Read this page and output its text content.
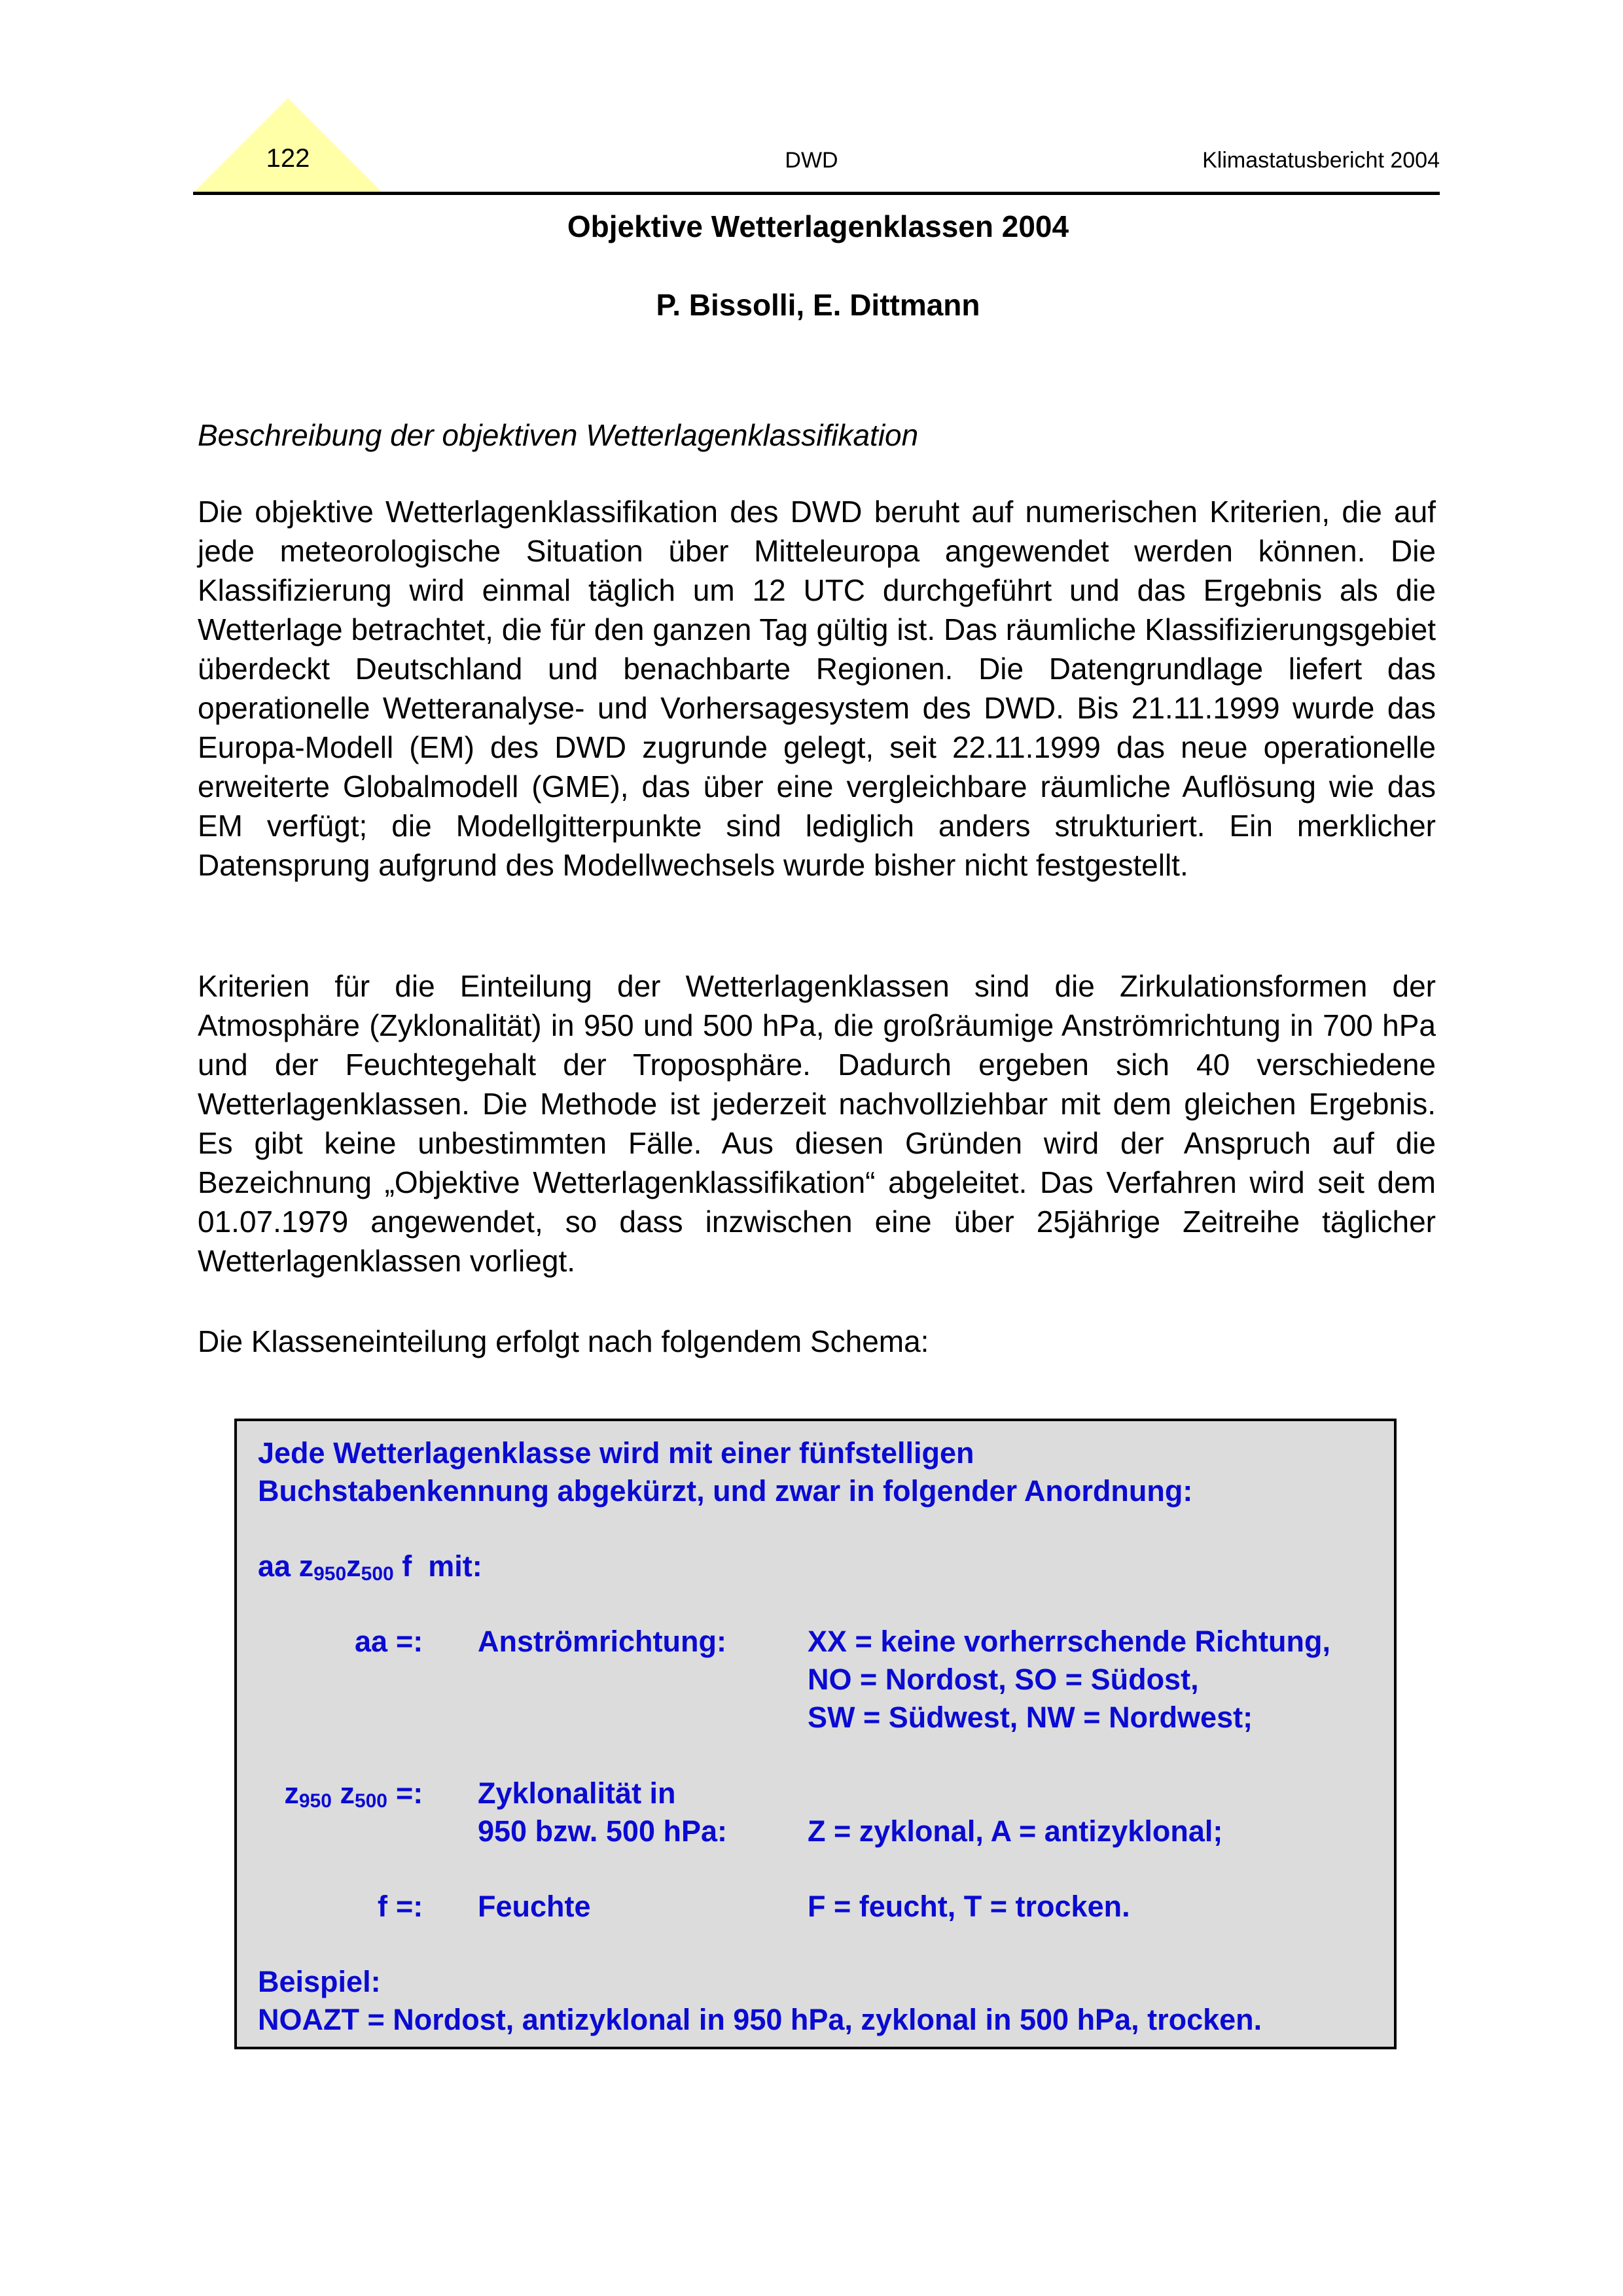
122	DWD	Klimastatusbericht 2004
Objektive Wetterlagenklassen 2004
P. Bissolli, E. Dittmann
Beschreibung der objektiven Wetterlagenklassifikation
Die objektive Wetterlagenklassifikation des DWD beruht auf numerischen Kriterien, die auf jede meteorologische Situation über Mitteleuropa angewendet werden können. Die Klassifizierung wird einmal täglich um 12 UTC durchgeführt und das Ergebnis als die Wetterlage betrachtet, die für den ganzen Tag gültig ist. Das räumliche Klassifizierungsgebiet überdeckt Deutschland und benachbarte Regionen. Die Datengrundlage liefert das operationelle Wetteranalyse- und Vorhersagesystem des DWD. Bis 21.11.1999 wurde das Europa-Modell (EM) des DWD zugrunde gelegt, seit 22.11.1999 das neue operationelle erweiterte Globalmodell (GME), das über eine vergleichbare räumliche Auflösung wie das EM verfügt; die Modellgitterpunkte sind lediglich anders strukturiert. Ein merklicher Datensprung aufgrund des Modellwechsels wurde bisher nicht festgestellt.
Kriterien für die Einteilung der Wetterlagenklassen sind die Zirkulationsformen der Atmosphäre (Zyklonalität) in 950 und 500 hPa, die großräumige Anströmrichtung in 700 hPa und der Feuchtegehalt der Troposphäre. Dadurch ergeben sich 40 verschiedene Wetterlagenklassen. Die Methode ist jederzeit nachvollziehbar mit dem gleichen Ergebnis. Es gibt keine unbestimmten Fälle. Aus diesen Gründen wird der Anspruch auf die Bezeichnung „Objektive Wetterlagenklassifikation“ abgeleitet. Das Verfahren wird seit dem 01.07.1979 angewendet, so dass inzwischen eine über 25jährige Zeitreihe täglicher Wetterlagenklassen vorliegt.
Die Klasseneinteilung erfolgt nach folgendem Schema:
Jede Wetterlagenklasse wird mit einer fünfstelligen
Buchstabenkennung abgekürzt, und zwar in folgender Anordnung:
aa $z_{950}z_{500}$ f mit:
aa =: Anströmrichtung:	XX = keine vorherrschende Richtung,
NO = Nordost, SO = Südost,
SW = Südwest, NW = Nordwest;
$z_{950}$ $z_{500}$ =: Zyklonalität in
950 bzw. 500 hPa:	Z = zyklonal, A = antizyklonal;
f =: Feuchte	F = feucht, T = trocken.
Beispiel:
NOAZT = Nordost, antizyklonal in 950 hPa, zyklonal in 500 hPa, trocken.
